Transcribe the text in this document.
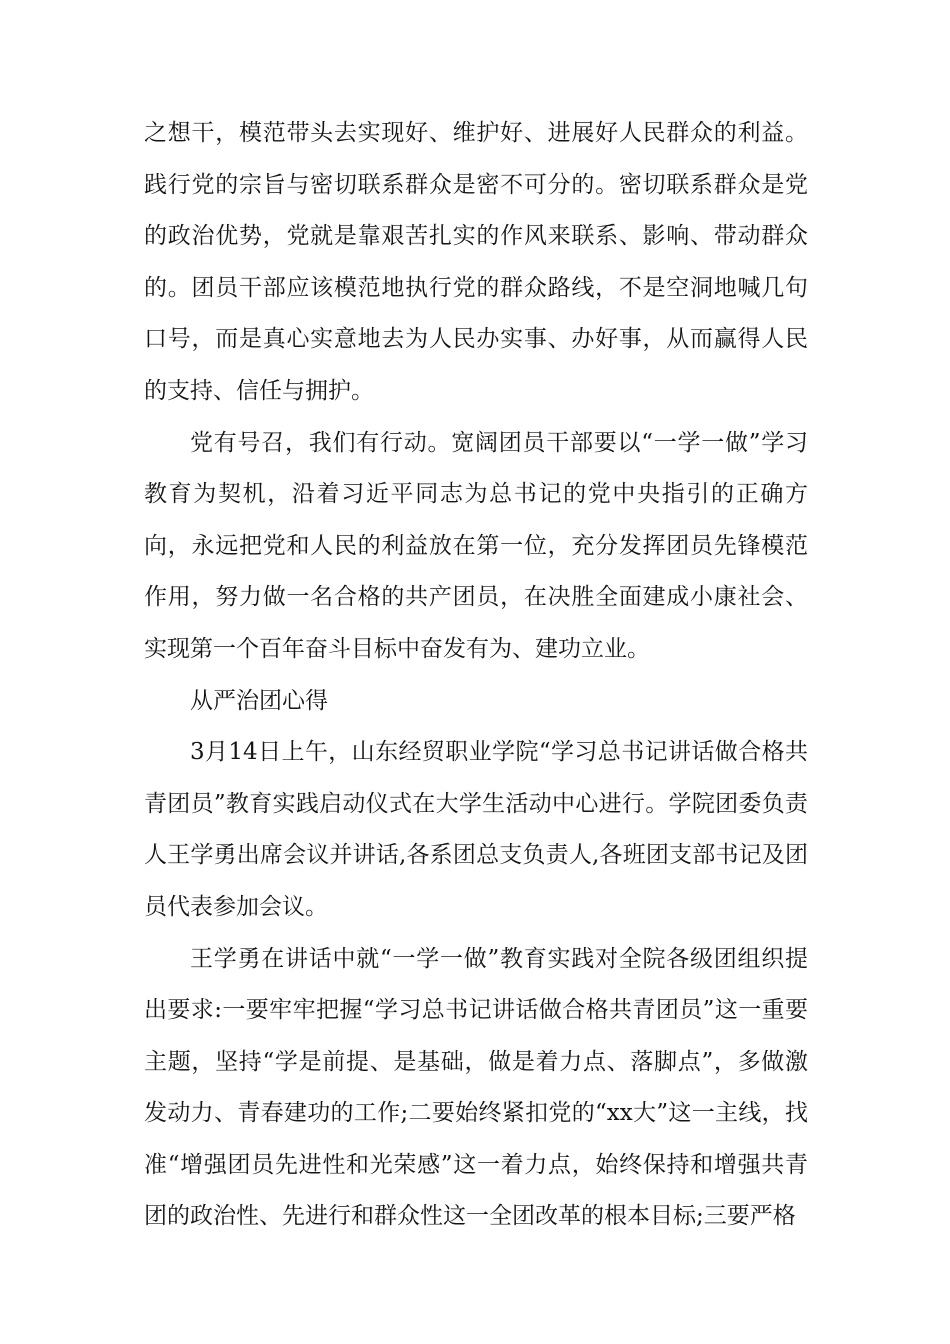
之想干，模范带头去实现好、维护好、进展好人民群众的利益。践行党的宗旨与密切联系群众是密不可分的。密切联系群众是党的政治优势，党就是靠艰苦扎实的作风来联系、影响、带动群众的。团员干部应该模范地执行党的群众路线，不是空洞地喊几句口号，而是真心实意地去为人民办实事、办好事，从而赢得人民的支持、信任与拥护。

党有号召，我们有行动。宽阔团员干部要以“一学一做”学习教育为契机，沿着习近平同志为总书记的党中央指引的正确方向，永远把党和人民的利益放在第一位，充分发挥团员先锋模范作用，努力做一名合格的共产团员，在决胜全面建成小康社会、实现第一个百年奋斗目标中奋发有为、建功立业。

从严治团心得

3月14日上午，山东经贸职业学院“学习总书记讲话做合格共青团员”教育实践启动仪式在大学生活动中心进行。学院团委负责人王学勇出席会议并讲话,各系团总支负责人,各班团支部书记及团员代表参加会议。

王学勇在讲话中就“一学一做”教育实践对全院各级团组织提出要求:一要牢牢把握“学习总书记讲话做合格共青团员”这一重要主题，坚持“学是前提、是基础，做是着力点、落脚点”，多做激发动力、青春建功的工作;二要始终紧扣党的“xx大”这一主线，找准“增强团员先进性和光荣感”这一着力点，始终保持和增强共青团的政治性、先进行和群众性这一全团改革的根本目标;三要严格
